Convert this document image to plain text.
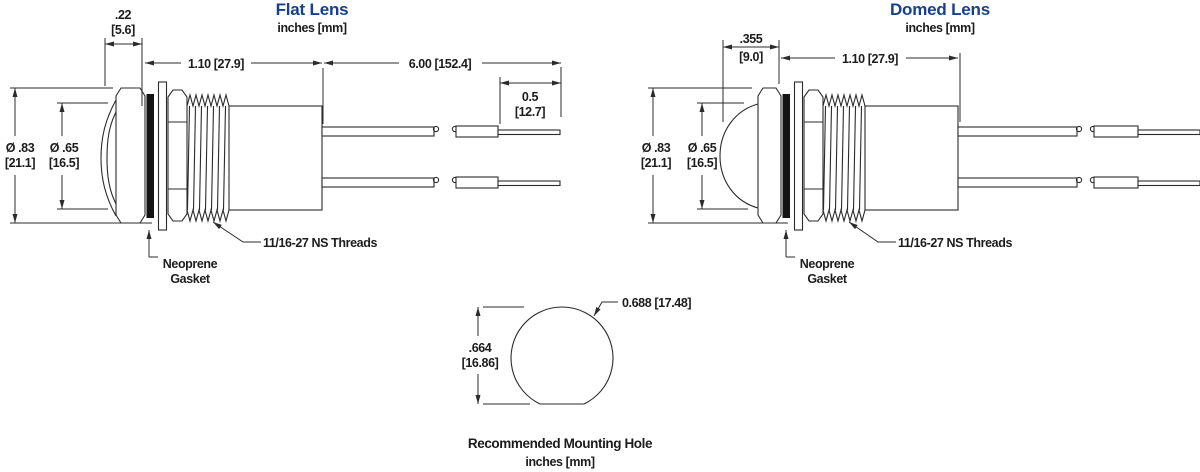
Flat Lens
inches [mm]
.22
[5.6]
1.10 [27.9]	6.00 [152.4]
0.5
[12.7]
Ø .83
[21.1]
Ø .65
[16.5]
11/16-27 NS Threads
Neoprene
Gasket
Domed Lens
inches [mm]
.355
[9.0]	1.10 [27.9]
Ø .83
[21.1]
Ø .65
[16.5]
11/16-27 NS Threads
Neoprene
Gasket
0.688 [17.48]
.664
[16.86]
Recommended Mounting Hole
inches [mm]
